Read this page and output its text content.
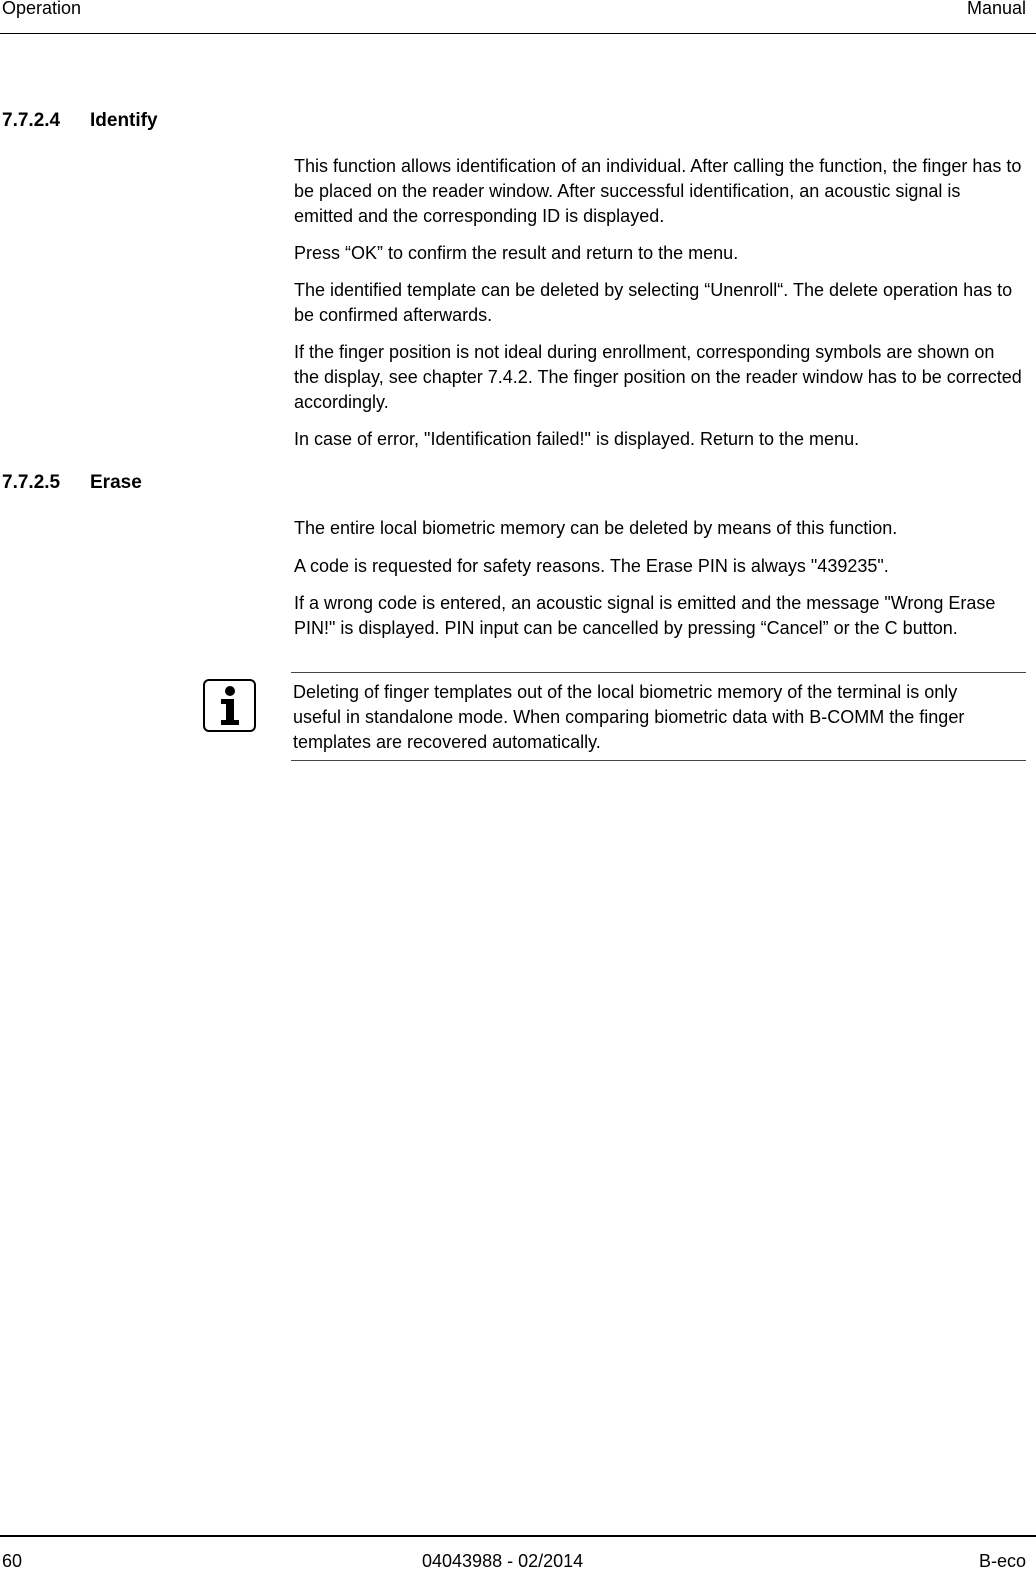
Operation	Manual
7.7.2.4 Identify

This function allows identification of an individual. After calling the function, the finger has to be placed on the reader window. After successful identification, an acoustic signal is emitted and the corresponding ID is displayed.

Press “OK” to confirm the result and return to the menu.

The identified template can be deleted by selecting “Unenroll“. The delete operation has to be confirmed afterwards.

If the finger position is not ideal during enrollment, corresponding symbols are shown on the display, see chapter 7.4.2. The finger position on the reader window has to be corrected accordingly.

In case of error, "Identification failed!" is displayed. Return to the menu.

7.7.2.5 Erase

The entire local biometric memory can be deleted by means of this function.

A code is requested for safety reasons. The Erase PIN is always "439235".

If a wrong code is entered, an acoustic signal is emitted and the message "Wrong Erase PIN!" is displayed. PIN input can be cancelled by pressing “Cancel” or the C button.

Deleting of finger templates out of the local biometric memory of the terminal is only useful in standalone mode. When comparing biometric data with B-COMM the finger templates are recovered automatically.

60	04043988 - 02/2014	B-eco
